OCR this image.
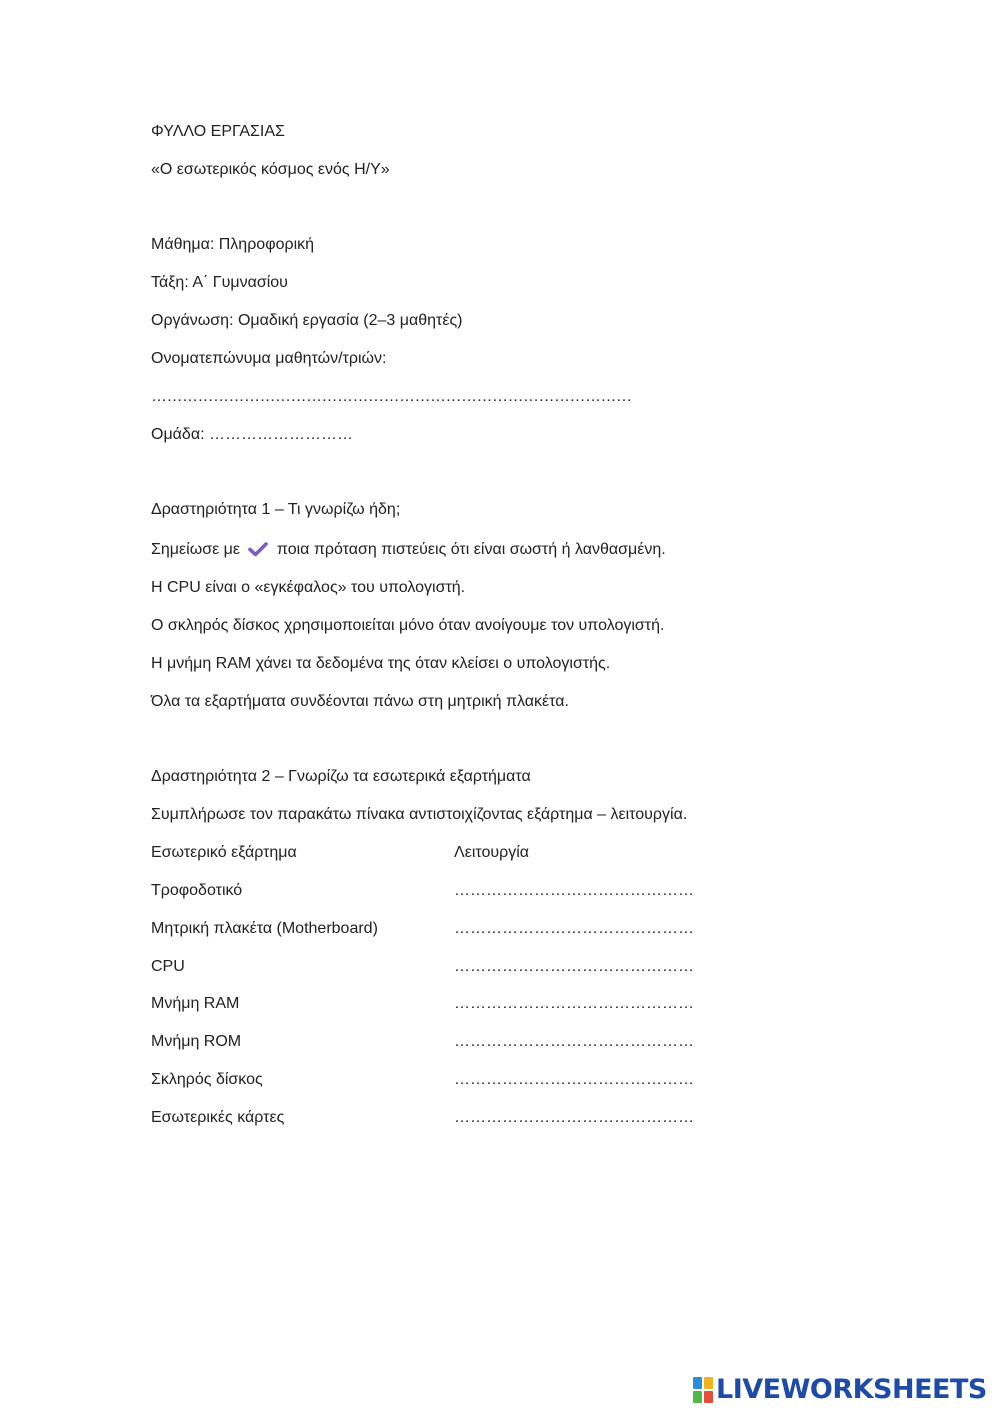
ΦΥΛΛΟ ΕΡΓΑΣΙΑΣ
«Ο εσωτερικός κόσμος ενός Η/Υ»
Μάθημα: Πληροφορική
Τάξη: Α΄ Γυμνασίου
Οργάνωση: Ομαδική εργασία (2–3 μαθητές)
Ονοματεπώνυμα μαθητών/τριών:
…………………………………………………………………………………
Ομάδα: ………………………
Δραστηριότητα 1 – Τι γνωρίζω ήδη;
Σημείωσε με ποια πρόταση πιστεύεις ότι είναι σωστή ή λανθασμένη.
Η CPU είναι ο «εγκέφαλος» του υπολογιστή.
Ο σκληρός δίσκος χρησιμοποιείται μόνο όταν ανοίγουμε τον υπολογιστή.
Η μνήμη RAM χάνει τα δεδομένα της όταν κλείσει ο υπολογιστής.
Όλα τα εξαρτήματα συνδέονται πάνω στη μητρική πλακέτα.
Δραστηριότητα 2 – Γνωρίζω τα εσωτερικά εξαρτήματα
Συμπλήρωσε τον παρακάτω πίνακα αντιστοιχίζοντας εξάρτημα – λειτουργία.
Εσωτερικό εξάρτημα	Λειτουργία
Τροφοδοτικό	………………………………………
Μητρική πλακέτα (Motherboard)	………………………………………
CPU	………………………………………
Μνήμη RAM	………………………………………
Μνήμη ROM	………………………………………
Σκληρός δίσκος	………………………………………
Εσωτερικές κάρτες	………………………………………
LIVEWORKSHEETS
